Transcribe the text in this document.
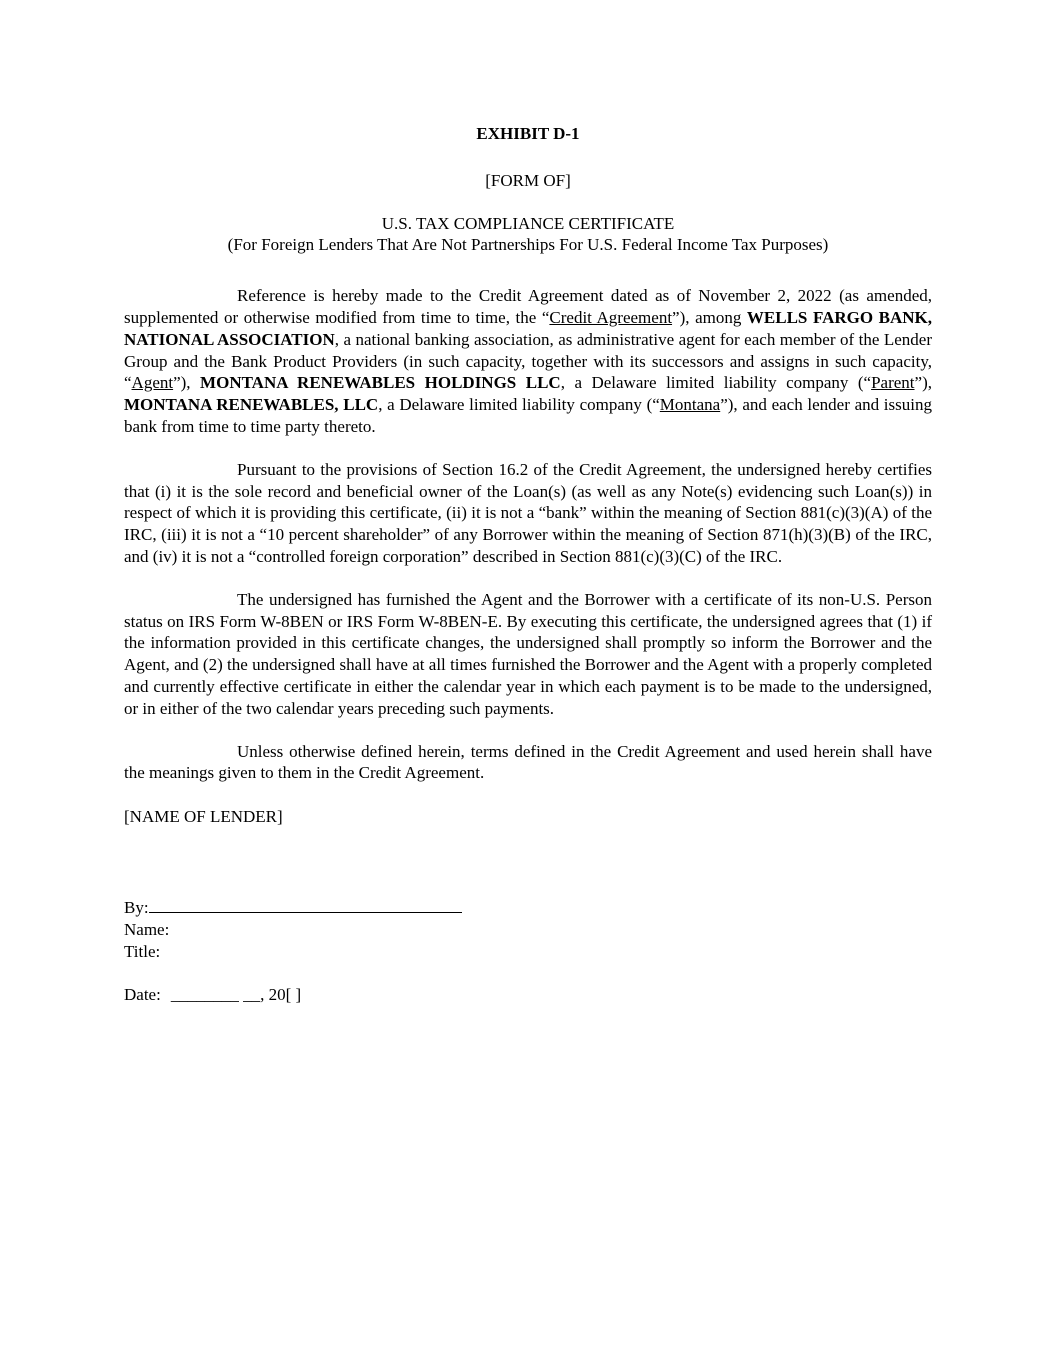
EXHIBIT D-1
[FORM OF]
U.S. TAX COMPLIANCE CERTIFICATE
(For Foreign Lenders That Are Not Partnerships For U.S. Federal Income Tax Purposes)

Reference is hereby made to the Credit Agreement dated as of November 2, 2022 (as amended, supplemented or otherwise modified from time to time, the “Credit Agreement”), among WELLS FARGO BANK, NATIONAL ASSOCIATION, a national banking association, as administrative agent for each member of the Lender Group and the Bank Product Providers (in such capacity, together with its successors and assigns in such capacity, “Agent”), MONTANA RENEWABLES HOLDINGS LLC, a Delaware limited liability company (“Parent”), MONTANA RENEWABLES, LLC, a Delaware limited liability company (“Montana”), and each lender and issuing bank from time to time party thereto.

Pursuant to the provisions of Section 16.2 of the Credit Agreement, the undersigned hereby certifies that (i) it is the sole record and beneficial owner of the Loan(s) (as well as any Note(s) evidencing such Loan(s)) in respect of which it is providing this certificate, (ii) it is not a “bank” within the meaning of Section 881(c)(3)(A) of the IRC, (iii) it is not a “10 percent shareholder” of any Borrower within the meaning of Section 871(h)(3)(B) of the IRC, and (iv) it is not a “controlled foreign corporation” described in Section 881(c)(3)(C) of the IRC.

The undersigned has furnished the Agent and the Borrower with a certificate of its non-U.S. Person status on IRS Form W-8BEN or IRS Form W-8BEN-E. By executing this certificate, the undersigned agrees that (1) if the information provided in this certificate changes, the undersigned shall promptly so inform the Borrower and the Agent, and (2) the undersigned shall have at all times furnished the Borrower and the Agent with a properly completed and currently effective certificate in either the calendar year in which each payment is to be made to the undersigned, or in either of the two calendar years preceding such payments.

Unless otherwise defined herein, terms defined in the Credit Agreement and used herein shall have the meanings given to them in the Credit Agreement.

[NAME OF LENDER]
By:
Name:
Title:
Date: ________ __, 20[ ]
